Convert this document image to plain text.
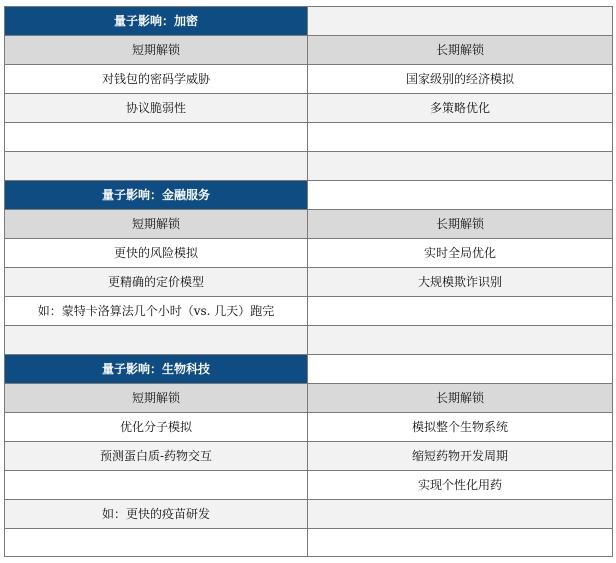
量子影响：加密	
短期解锁	长期解锁
对钱包的密码学威胁	国家级别的经济模拟
协议脆弱性	多策略优化

量子影响：金融服务	
短期解锁	长期解锁
更快的风险模拟	实时全局优化
更精确的定价模型	大规模欺诈识别
如：蒙特卡洛算法几个小时（vs. 几天）跑完	

量子影响：生物科技	
短期解锁	长期解锁
优化分子模拟	模拟整个生物系统
预测蛋白质-药物交互	缩短药物开发周期
	实现个性化用药
如：更快的疫苗研发	
